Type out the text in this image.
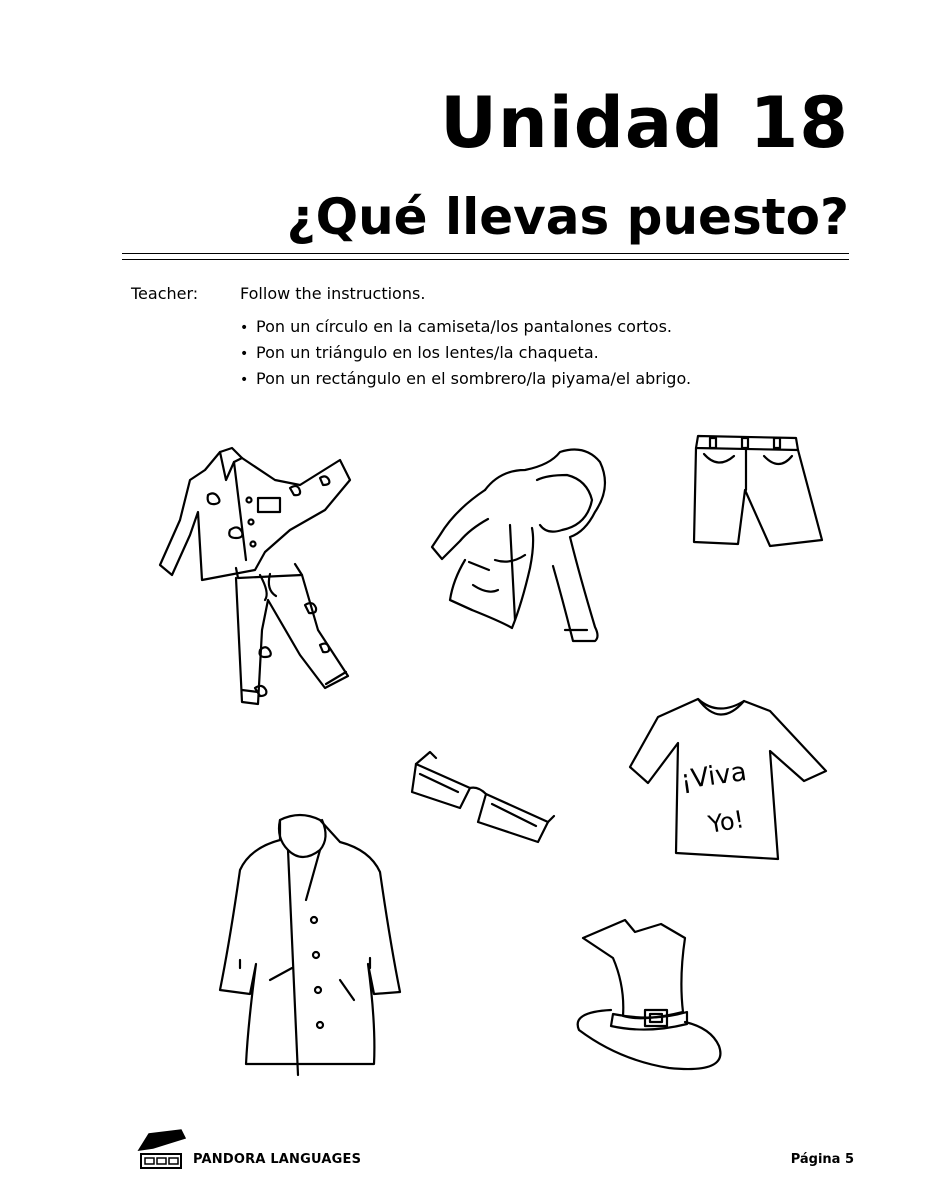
Unidad 18
¿Qué llevas puesto?
Teacher:	Follow the instructions.
• Pon un círculo en la camiseta/los pantalones cortos.
• Pon un triángulo en los lentes/la chaqueta.
• Pon un rectángulo en el sombrero/la piyama/el abrigo.
¡Viva
Yo!
PANDORA LANGUAGES	Página 5
